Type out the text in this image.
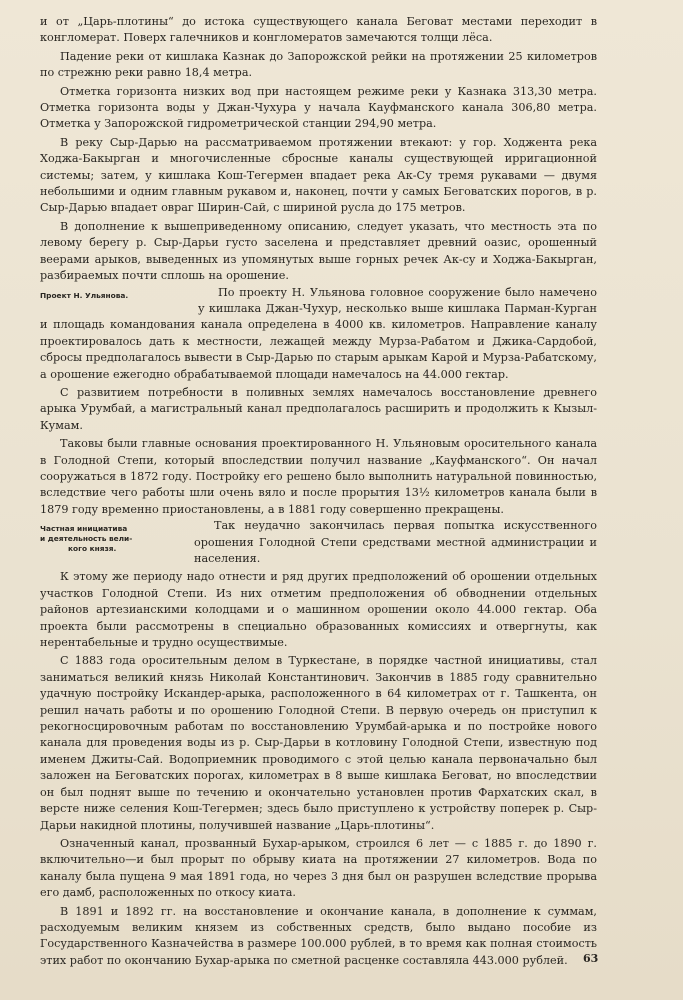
и от „Царь-плотины“ до истока существующего канала Беговат местами переходит в конгломерат. Поверх галечников и конгломератов замечаются толщи лёса.

Падение реки от кишлака Казнак до Запорожской рейки на протяжении 25 километров по стрежню реки равно 18,4 метра.

Отметка горизонта низких вод при настоящем режиме реки у Казнака 313,30 метра. Отметка горизонта воды у Джан-Чухура у начала Кауфманского канала 306,80 метра. Отметка у Запорожской гидрометрической станции 294,90 метра.

В реку Сыр-Дарью на рассматриваемом протяжении втекают: у гор. Ходжента река Ходжа-Бакырган и многочисленные сбросные каналы существующей ирригационной системы; затем, у кишлака Кош-Тегермен впадает река Ак-Су тремя рукавами — двумя небольшими и одним главным рукавом и, наконец, почти у самых Беговатских порогов, в р. Сыр-Дарью впадает овраг Ширин-Сай, с шириной русла до 175 метров.

В дополнение к вышеприведенному описанию, следует указать, что местность эта по левому берегу р. Сыр-Дарьи густо заселена и представляет древний оазис, орошенный веерами арыков, выведенных из упомянутых выше горных речек Ак-су и Ходжа-Бакырган, разбираемых почти сплошь на орошение.

Проект Н. Ульянова.	По проекту Н. Ульянова головное сооружение было намечено у кишлака Джан-Чухур, несколько выше кишлака Парман-Курган и площадь командования канала определена в 4000 кв. километров. Направление каналу проектировалось дать к местности, лежащей между Мурза-Рабатом и Джика-Сардобой, сбросы предполагалось вывести в Сыр-Дарью по старым арыкам Карой и Мурза-Рабатскому, а орошение ежегодно обрабатываемой площади намечалось на 44.000 гектар.

С развитием потребности в поливных землях намечалось восстановление древнего арыка Урумбай, а магистральный канал предполагалось расширить и продолжить к Кызыл-Кумам.

Таковы были главные основания проектированного Н. Ульяновым оросительного канала в Голодной Степи, который впоследствии получил название „Кауфманского“. Он начал сооружаться в 1872 году. Постройку его решено было выполнить натуральной повинностью, вследствие чего работы шли очень вяло и после прорытия 13½ километров канала были в 1879 году временно приостановлены, а в 1881 году совершенно прекращены.

Частная инициатива
и деятельность вели-
кого князя.

Так неудачно закончилась первая попытка искусственного орошения Голодной Степи средствами местной администрации и населения.

К этому же периоду надо отнести и ряд других предположений об орошении отдельных участков Голодной Степи. Из них отметим предположения об обводнении отдельных районов артезианскими колодцами и о машинном орошении около 44.000 гектар. Оба проекта были рассмотрены в специально образованных комиссиях и отвергнуты, как нерентабельные и трудно осуществимые.

С 1883 года оросительным делом в Туркестане, в порядке частной инициативы, стал заниматься великий князь Николай Константинович. Закончив в 1885 году сравнительно удачную постройку Искандер-арыка, расположенного в 64 километрах от г. Ташкента, он решил начать работы и по орошению Голодной Степи. В первую очередь он приступил к рекогносцировочным работам по восстановлению Урумбай-арыка и по постройке нового канала для проведения воды из р. Сыр-Дарьи в котловину Голодной Степи, известную под именем Джиты-Сай. Водоприемник проводимого с этой целью канала первоначально был заложен на Беговатских порогах, километрах в 8 выше кишлака Беговат, но впоследствии он был поднят выше по течению и окончательно установлен против Фархатских скал, в версте ниже селения Кош-Тегермен; здесь было приступлено к устройству поперек р. Сыр-Дарьи накидной плотины, получившей название „Царь-плотины“.

Означенный канал, прозванный Бухар-арыком, строился 6 лет — с 1885 г. до 1890 г. включительно—и был прорыт по обрыву киата на протяжении 27 километров. Вода по каналу была пущена 9 мая 1891 года, но через 3 дня был он разрушен вследствие прорыва его дамб, расположенных по откосу киата.

В 1891 и 1892 гг. на восстановление и окончание канала, в дополнение к суммам, расходуемым великим князем из собственных средств, было выдано пособие из Государственного Казначейства в размере 100.000 рублей, в то время как полная стоимость этих работ по окончанию Бухар-арыка по сметной расценке составляла 443.000 рублей.	63
